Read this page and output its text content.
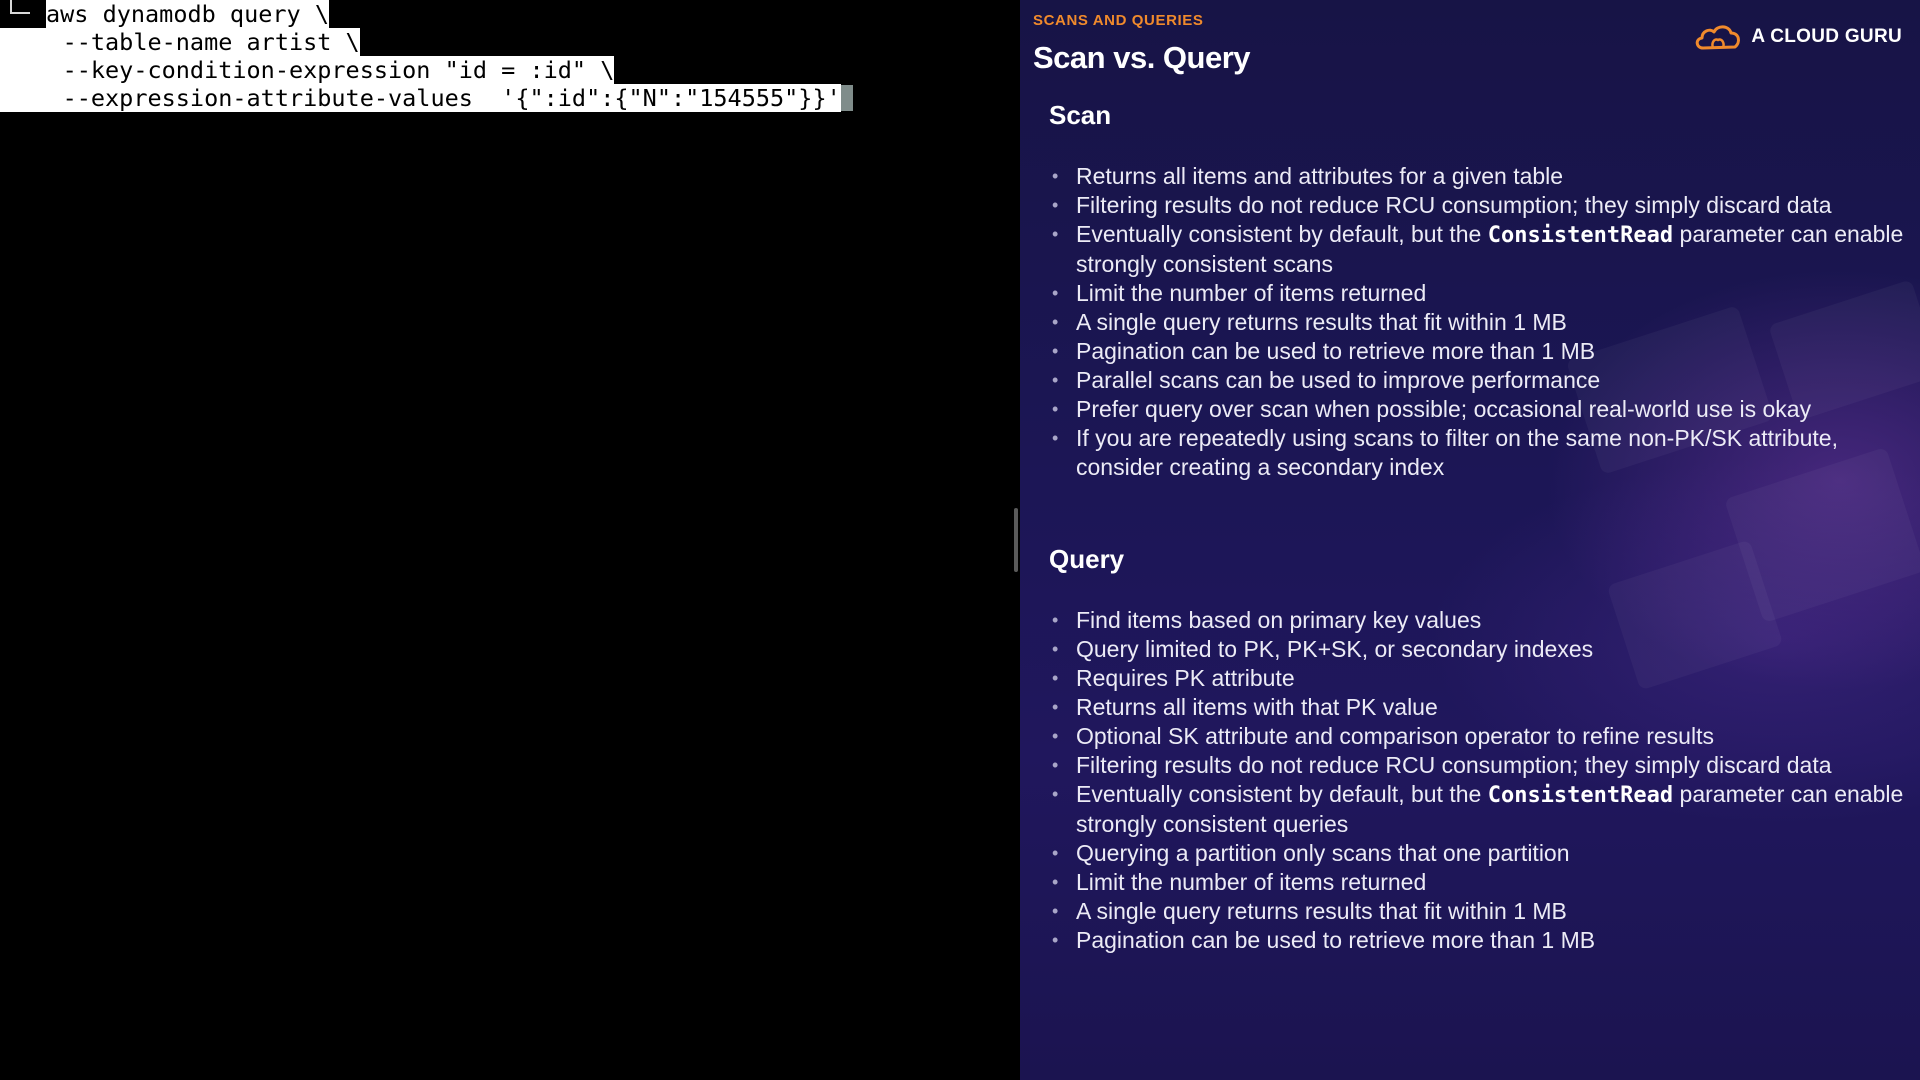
aws dynamodb query \
--table-name artist \
--key-condition-expression "id = :id" \
--expression-attribute-values  '{":id":{"N":"154555"}}'
SCANS AND QUERIES
Scan vs. Query
A CLOUD GURU
Scan
• Returns all items and attributes for a given table
• Filtering results do not reduce RCU consumption; they simply discard data
• Eventually consistent by default, but the ConsistentRead parameter can enable strongly consistent scans
• Limit the number of items returned
• A single query returns results that fit within 1 MB
• Pagination can be used to retrieve more than 1 MB
• Parallel scans can be used to improve performance
• Prefer query over scan when possible; occasional real-world use is okay
• If you are repeatedly using scans to filter on the same non-PK/SK attribute, consider creating a secondary index
Query
• Find items based on primary key values
• Query limited to PK, PK+SK, or secondary indexes
• Requires PK attribute
• Returns all items with that PK value
• Optional SK attribute and comparison operator to refine results
• Filtering results do not reduce RCU consumption; they simply discard data
• Eventually consistent by default, but the ConsistentRead parameter can enable strongly consistent queries
• Querying a partition only scans that one partition
• Limit the number of items returned
• A single query returns results that fit within 1 MB
• Pagination can be used to retrieve more than 1 MB
